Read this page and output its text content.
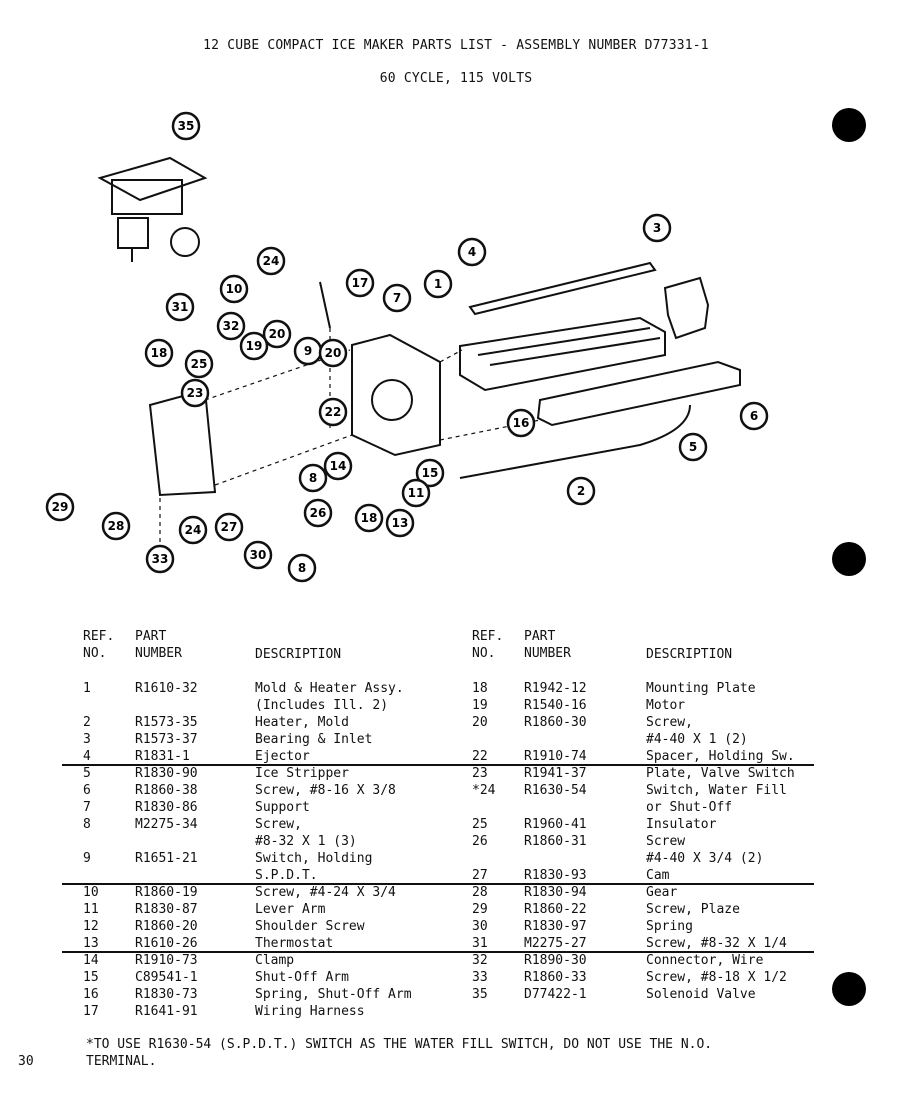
12 CUBE COMPACT ICE MAKER PARTS LIST - ASSEMBLY NUMBER D77331-1
60 CYCLE, 115 VOLTS
35
24
17
10
32
20
19	9 20
31
18
25
23
7
1
4
3
22	6
16
5
15
14
8
11	2
29
28	24 27
26	18 13
33	30
8
REF.
NO.
PART
NUMBER	DESCRIPTION
1	R1610-32	Mold & Heater Assy.
(Includes Ill. 2)
2	R1573-35	Heater, Mold
3	R1573-37	Bearing & Inlet
4	R1831-1	Ejector
5	R1830-90	Ice Stripper
6	R1860-38	Screw, #8-16 X 3/8
7	R1830-86	Support
8	M2275-34	Screw,
#8-32 X 1 (3)
9	R1651-21	Switch, Holding
S.P.D.T.
10	R1860-19	Screw, #4-24 X 3/4
11	R1830-87	Lever Arm
12	R1860-20	Shoulder Screw
13	R1610-26	Thermostat
14	R1910-73	Clamp
15	C89541-1	Shut-Off Arm
16	R1830-73	Spring, Shut-Off Arm
17	R1641-91	Wiring Harness
REF.
NO.
PART
NUMBER	DESCRIPTION
18	R1942-12	Mounting Plate
19	R1540-16	Motor
20	R1860-30	Screw,
#4-40 X 1 (2)
22	R1910-74	Spacer, Holding Sw.
23	R1941-37	Plate, Valve Switch
*24	R1630-54	Switch, Water Fill
or Shut-Off
25	R1960-41	Insulator
26	R1860-31	Screw
#4-40 X 3/4 (2)
27	R1830-93	Cam
28	R1830-94	Gear
29	R1860-22	Screw, Plaze
30	R1830-97	Spring
31	M2275-27	Screw, #8-32 X 1/4
32	R1890-30	Connector, Wire
33	R1860-33	Screw, #8-18 X 1/2
35	D77422-1	Solenoid Valve
*TO USE R1630-54 (S.P.D.T.) SWITCH AS THE WATER FILL SWITCH, DO NOT USE THE N.O.
TERMINAL.
30
